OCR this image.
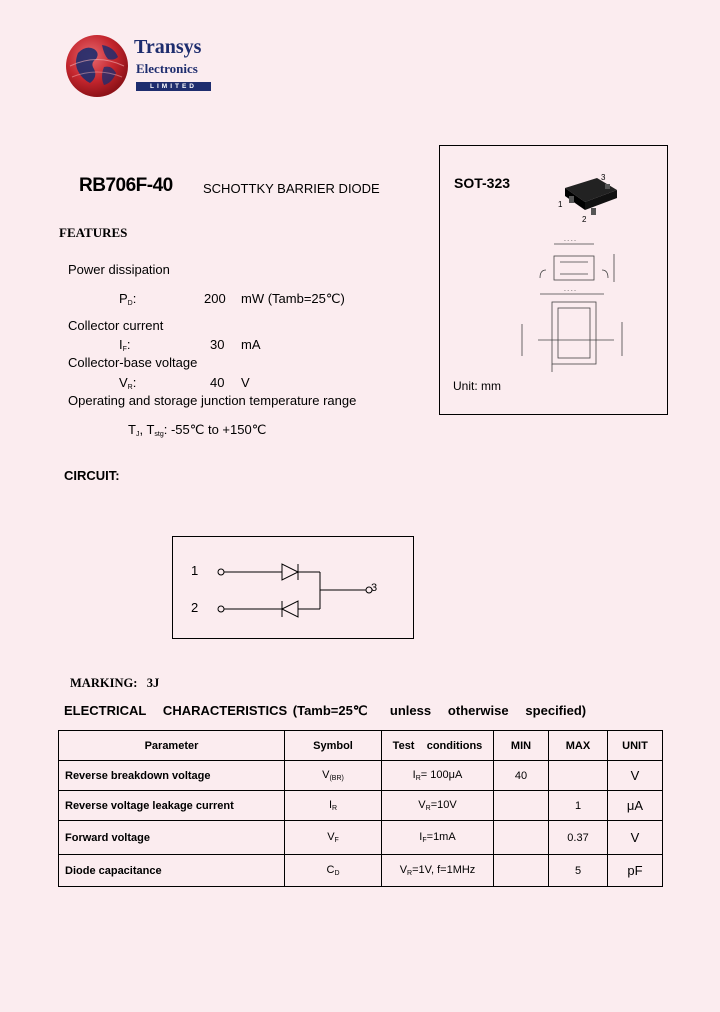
Transys
Electronics
LIMITED
RB706F-40 SCHOTTKY BARRIER DIODE
FEATURES
Power dissipation
$P_D$:	200 mW (Tamb=25℃)
Collector current
$I_F$:	30 mA
Collector-base voltage
$V_R$:	40 V
Operating and storage junction temperature range
$T_J$, $T_{stg}$: -55℃ to +150℃
SOT-323
1
2
3
- - - -
- - - -
Unit: mm
CIRCUIT:
1
2
3
MARKING: 3J
ELECTRICAL   CHARACTERISTICS (Tamb=25℃    unless   otherwise   specified)
Parameter	Symbol	Test    conditions	MIN	MAX	UNIT
Reverse breakdown voltage	$V_{(BR)}$	$I_R= 100\mu A$	40		V
Reverse voltage leakage current	$I_R$	$V_R=10V$		1	μA
Forward voltage	$V_F$	$I_F=1mA$		0.37	V
Diode capacitance	$C_D$	$V_R=1V$, f=1MHz		5	pF
